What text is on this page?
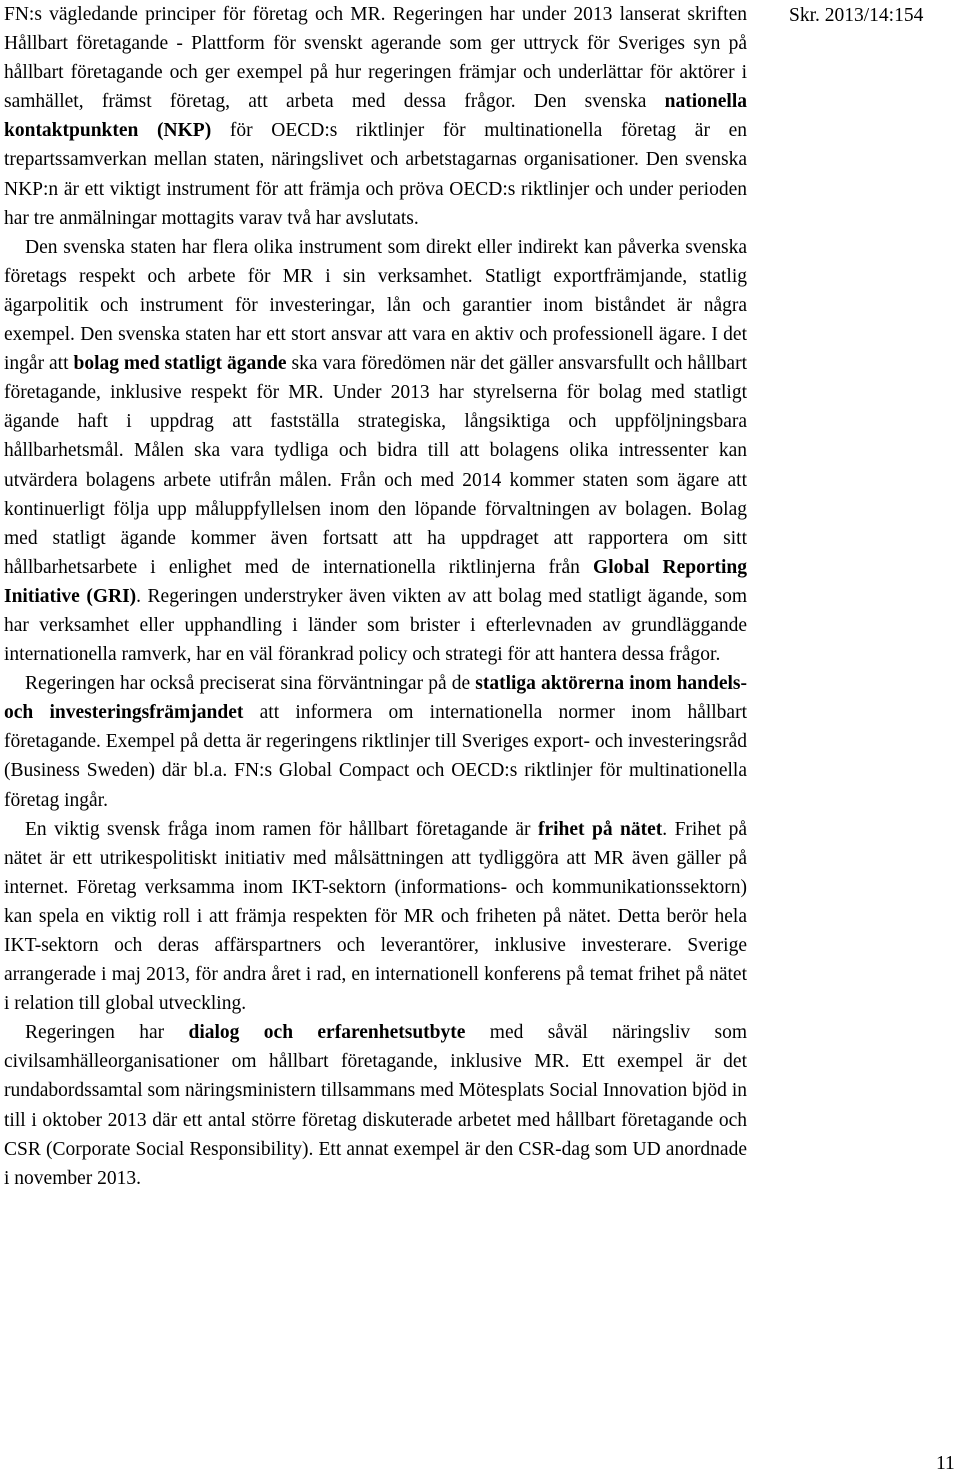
FN:s vägledande principer för företag och MR. Regeringen har under 2013 lanserat skriften Hållbart företagande - Plattform för svenskt agerande som ger uttryck för Sveriges syn på hållbart företagande och ger exempel på hur regeringen främjar och underlättar för aktörer i samhället, främst företag, att arbeta med dessa frågor. Den svenska nationella kontaktpunkten (NKP) för OECD:s riktlinjer för multinationella företag är en trepartssamverkan mellan staten, näringslivet och arbetstagarnas organisationer. Den svenska NKP:n är ett viktigt instrument för att främja och pröva OECD:s riktlinjer och under perioden har tre anmälningar mottagits varav två har avslutats.

Den svenska staten har flera olika instrument som direkt eller indirekt kan påverka svenska företags respekt och arbete för MR i sin verksamhet. Statligt exportfrämjande, statlig ägarpolitik och instrument för investeringar, lån och garantier inom biståndet är några exempel. Den svenska staten har ett stort ansvar att vara en aktiv och professionell ägare. I det ingår att bolag med statligt ägande ska vara föredömen när det gäller ansvarsfullt och hållbart företagande, inklusive respekt för MR. Under 2013 har styrelserna för bolag med statligt ägande haft i uppdrag att fastställa strategiska, långsiktiga och uppföljningsbara hållbarhetsmål. Målen ska vara tydliga och bidra till att bolagens olika intressenter kan utvärdera bolagens arbete utifrån målen. Från och med 2014 kommer staten som ägare att kontinuerligt följa upp måluppfyllelsen inom den löpande förvaltningen av bolagen. Bolag med statligt ägande kommer även fortsatt att ha uppdraget att rapportera om sitt hållbarhetsarbete i enlighet med de internationella riktlinjerna från Global Reporting Initiative (GRI). Regeringen understryker även vikten av att bolag med statligt ägande, som har verksamhet eller upphandling i länder som brister i efterlevnaden av grundläggande internationella ramverk, har en väl förankrad policy och strategi för att hantera dessa frågor.

Regeringen har också preciserat sina förväntningar på de statliga aktörerna inom handels- och investeringsfrämjandet att informera om internationella normer inom hållbart företagande. Exempel på detta är regeringens riktlinjer till Sveriges export- och investeringsråd (Business Sweden) där bl.a. FN:s Global Compact och OECD:s riktlinjer för multinationella företag ingår.

En viktig svensk fråga inom ramen för hållbart företagande är frihet på nätet. Frihet på nätet är ett utrikespolitiskt initiativ med målsättningen att tydliggöra att MR även gäller på internet. Företag verksamma inom IKT-sektorn (informations- och kommunikationssektorn) kan spela en viktig roll i att främja respekten för MR och friheten på nätet. Detta berör hela IKT-sektorn och deras affärspartners och leverantörer, inklusive investerare. Sverige arrangerade i maj 2013, för andra året i rad, en internationell konferens på temat frihet på nätet i relation till global utveckling.

Regeringen har dialog och erfarenhetsutbyte med såväl näringsliv som civilsamhälleorganisationer om hållbart företagande, inklusive MR. Ett exempel är det rundabordssamtal som näringsministern tillsammans med Mötesplats Social Innovation bjöd in till i oktober 2013 där ett antal större företag diskuterade arbetet med hållbart företagande och CSR (Corporate Social Responsibility). Ett annat exempel är den CSR-dag som UD anordnade i november 2013.

Skr. 2013/14:154
11
